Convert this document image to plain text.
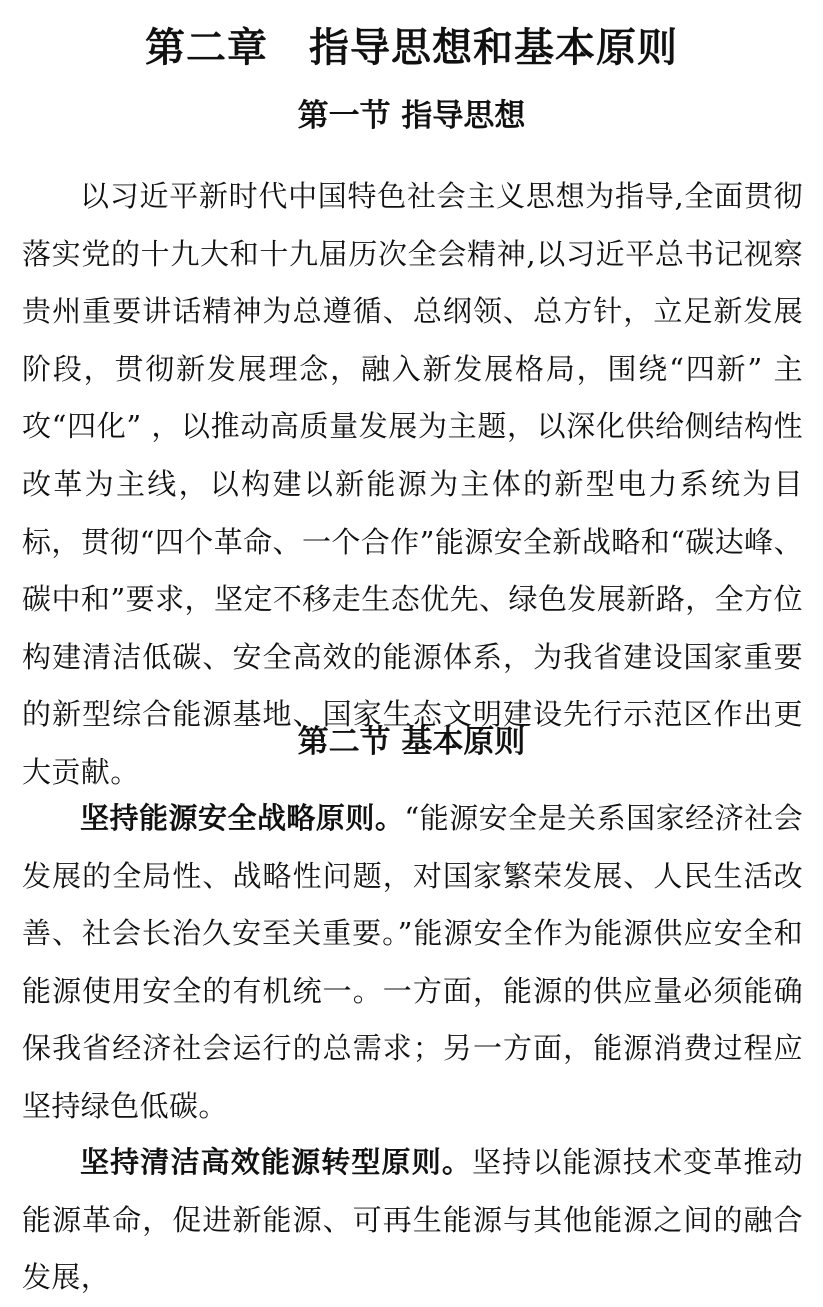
第二章　指导思想和基本原则
第一节 指导思想

以习近平新时代中国特色社会主义思想为指导,全面贯彻落实党的十九大和十九届历次全会精神,以习近平总书记视察贵州重要讲话精神为总遵循、总纲领、总方针，立足新发展阶段，贯彻新发展理念，融入新发展格局，围绕“四新” 主攻“四化” ，以推动高质量发展为主题，以深化供给侧结构性改革为主线，以构建以新能源为主体的新型电力系统为目标，贯彻“四个革命、一个合作”能源安全新战略和“碳达峰、碳中和”要求，坚定不移走生态优先、绿色发展新路，全方位构建清洁低碳、安全高效的能源体系，为我省建设国家重要的新型综合能源基地、国家生态文明建设先行示范区作出更大贡献。

第二节 基本原则

坚持能源安全战略原则。“能源安全是关系国家经济社会发展的全局性、战略性问题，对国家繁荣发展、人民生活改善、社会长治久安至关重要。”能源安全作为能源供应安全和能源使用安全的有机统一。一方面，能源的供应量必须能确保我省经济社会运行的总需求；另一方面，能源消费过程应坚持绿色低碳。

坚持清洁高效能源转型原则。坚持以能源技术变革推动能源革命，促进新能源、可再生能源与其他能源之间的融合发展，
